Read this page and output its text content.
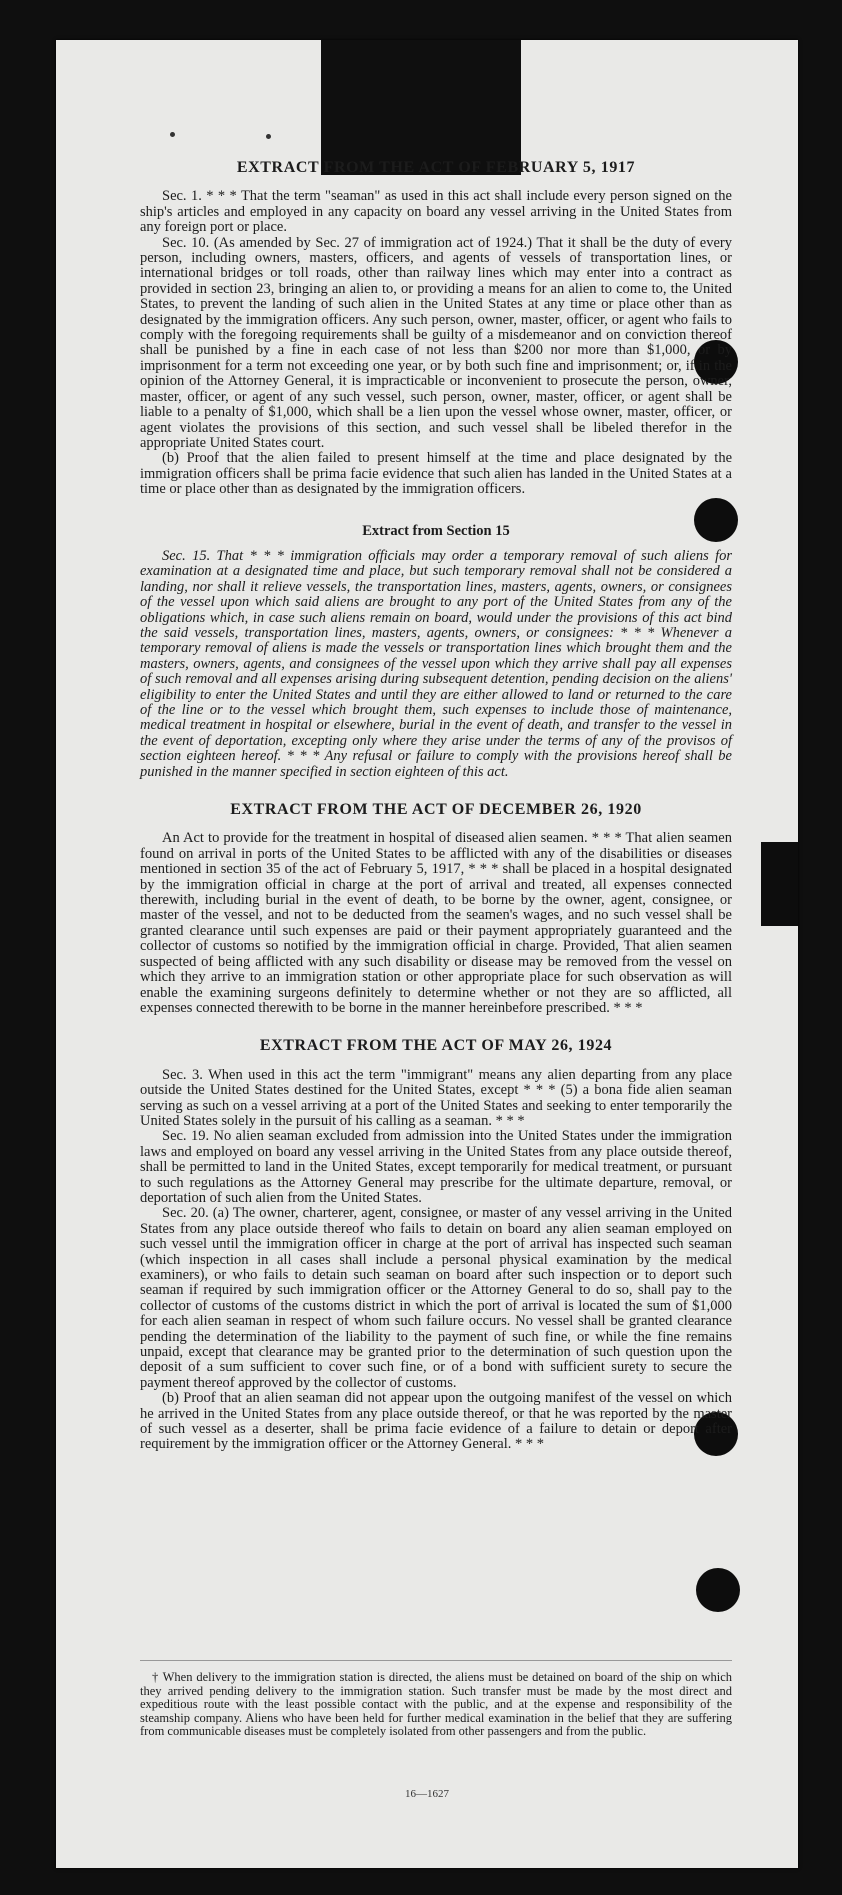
16—1627
EXTRACT FROM THE ACT OF FEBRUARY 5, 1917

Sec. 1. * * * That the term "seaman" as used in this act shall include every person signed on the ship's articles and employed in any capacity on board any vessel arriving in the United States from any foreign port or place.

Sec. 10. (As amended by Sec. 27 of immigration act of 1924.) That it shall be the duty of every person, including owners, masters, officers, and agents of vessels of transportation lines, or international bridges or toll roads, other than railway lines which may enter into a contract as provided in section 23, bringing an alien to, or providing a means for an alien to come to, the United States, to prevent the landing of such alien in the United States at any time or place other than as designated by the immigration officers. Any such person, owner, master, officer, or agent who fails to comply with the foregoing requirements shall be guilty of a misdemeanor and on conviction thereof shall be punished by a fine in each case of not less than $200 nor more than $1,000, or by imprisonment for a term not exceeding one year, or by both such fine and imprisonment; or, if in the opinion of the Attorney General, it is impracticable or inconvenient to prosecute the person, owner, master, officer, or agent of any such vessel, such person, owner, master, officer, or agent shall be liable to a penalty of $1,000, which shall be a lien upon the vessel whose owner, master, officer, or agent violates the provisions of this section, and such vessel shall be libeled therefor in the appropriate United States court.

(b) Proof that the alien failed to present himself at the time and place designated by the immigration officers shall be prima facie evidence that such alien has landed in the United States at a time or place other than as designated by the immigration officers.

Extract from Section 15

Sec. 15. That * * * immigration officials may order a temporary removal of such aliens for examination at a designated time and place, but such temporary removal shall not be considered a landing, nor shall it relieve vessels, the transportation lines, masters, agents, owners, or consignees of the vessel upon which said aliens are brought to any port of the United States from any of the obligations which, in case such aliens remain on board, would under the provisions of this act bind the said vessels, transportation lines, masters, agents, owners, or consignees: * * * Whenever a temporary removal of aliens is made the vessels or transportation lines which brought them and the masters, owners, agents, and consignees of the vessel upon which they arrive shall pay all expenses of such removal and all expenses arising during subsequent detention, pending decision on the aliens' eligibility to enter the United States and until they are either allowed to land or returned to the care of the line or to the vessel which brought them, such expenses to include those of maintenance, medical treatment in hospital or elsewhere, burial in the event of death, and transfer to the vessel in the event of deportation, excepting only where they arise under the terms of any of the provisos of section eighteen hereof. * * * Any refusal or failure to comply with the provisions hereof shall be punished in the manner specified in section eighteen of this act.

EXTRACT FROM THE ACT OF DECEMBER 26, 1920

An Act to provide for the treatment in hospital of diseased alien seamen. * * * That alien seamen found on arrival in ports of the United States to be afflicted with any of the disabilities or diseases mentioned in section 35 of the act of February 5, 1917, * * * shall be placed in a hospital designated by the immigration official in charge at the port of arrival and treated, all expenses connected therewith, including burial in the event of death, to be borne by the owner, agent, consignee, or master of the vessel, and not to be deducted from the seamen's wages, and no such vessel shall be granted clearance until such expenses are paid or their payment appropriately guaranteed and the collector of customs so notified by the immigration official in charge. Provided, That alien seamen suspected of being afflicted with any such disability or disease may be removed from the vessel on which they arrive to an immigration station or other appropriate place for such observation as will enable the examining surgeons definitely to determine whether or not they are so afflicted, all expenses connected therewith to be borne in the manner hereinbefore prescribed. * * *

EXTRACT FROM THE ACT OF MAY 26, 1924

Sec. 3. When used in this act the term "immigrant" means any alien departing from any place outside the United States destined for the United States, except * * * (5) a bona fide alien seaman serving as such on a vessel arriving at a port of the United States and seeking to enter temporarily the United States solely in the pursuit of his calling as a seaman. * * *

Sec. 19. No alien seaman excluded from admission into the United States under the immigration laws and employed on board any vessel arriving in the United States from any place outside thereof, shall be permitted to land in the United States, except temporarily for medical treatment, or pursuant to such regulations as the Attorney General may prescribe for the ultimate departure, removal, or deportation of such alien from the United States.

Sec. 20. (a) The owner, charterer, agent, consignee, or master of any vessel arriving in the United States from any place outside thereof who fails to detain on board any alien seaman employed on such vessel until the immigration officer in charge at the port of arrival has inspected such seaman (which inspection in all cases shall include a personal physical examination by the medical examiners), or who fails to detain such seaman on board after such inspection or to deport such seaman if required by such immigration officer or the Attorney General to do so, shall pay to the collector of customs of the customs district in which the port of arrival is located the sum of $1,000 for each alien seaman in respect of whom such failure occurs. No vessel shall be granted clearance pending the determination of the liability to the payment of such fine, or while the fine remains unpaid, except that clearance may be granted prior to the determination of such question upon the deposit of a sum sufficient to cover such fine, or of a bond with sufficient surety to secure the payment thereof approved by the collector of customs.

(b) Proof that an alien seaman did not appear upon the outgoing manifest of the vessel on which he arrived in the United States from any place outside thereof, or that he was reported by the master of such vessel as a deserter, shall be prima facie evidence of a failure to detain or deport after requirement by the immigration officer or the Attorney General. * * *

† When delivery to the immigration station is directed, the aliens must be detained on board of the ship on which they arrived pending delivery to the immigration station. Such transfer must be made by the most direct and expeditious route with the least possible contact with the public, and at the expense and responsibility of the steamship company. Aliens who have been held for further medical examination in the belief that they are suffering from communicable diseases must be completely isolated from other passengers and from the public.
